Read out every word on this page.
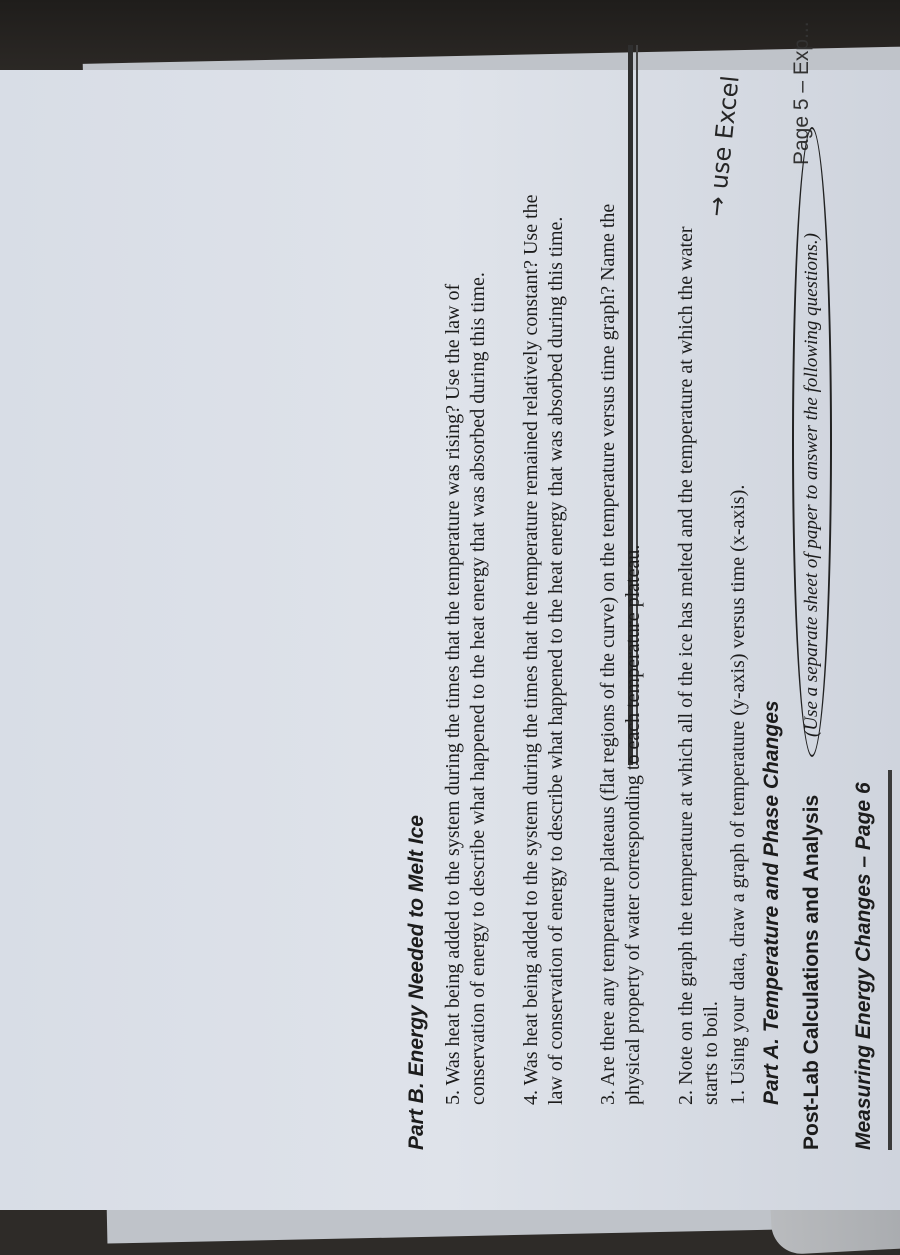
Page 5 – Exp...
Measuring Energy Changes – Page 6
Post-Lab Calculations and Analysis
(Use a separate sheet of paper to answer the following questions.)
Part A. Temperature and Phase Changes
1. Using your data, draw a graph of temperature (y-axis) versus time (x-axis).
2. Note on the graph the temperature at which all of the ice has melted and the temperature at which the water starts to boil.
3. Are there any temperature plateaus (flat regions of the curve) on the temperature versus time graph? Name the physical property of water corresponding to each temperature plateau.
4. Was heat being added to the system during the times that the temperature remained relatively constant? Use the law of conservation of energy to describe what happened to the heat energy that was absorbed during this time.
5. Was heat being added to the system during the times that the temperature was rising? Use the law of conservation of energy to describe what happened to the heat energy that was absorbed during this time.
→ use Excel
Part B. Energy Needed to Melt Ice
